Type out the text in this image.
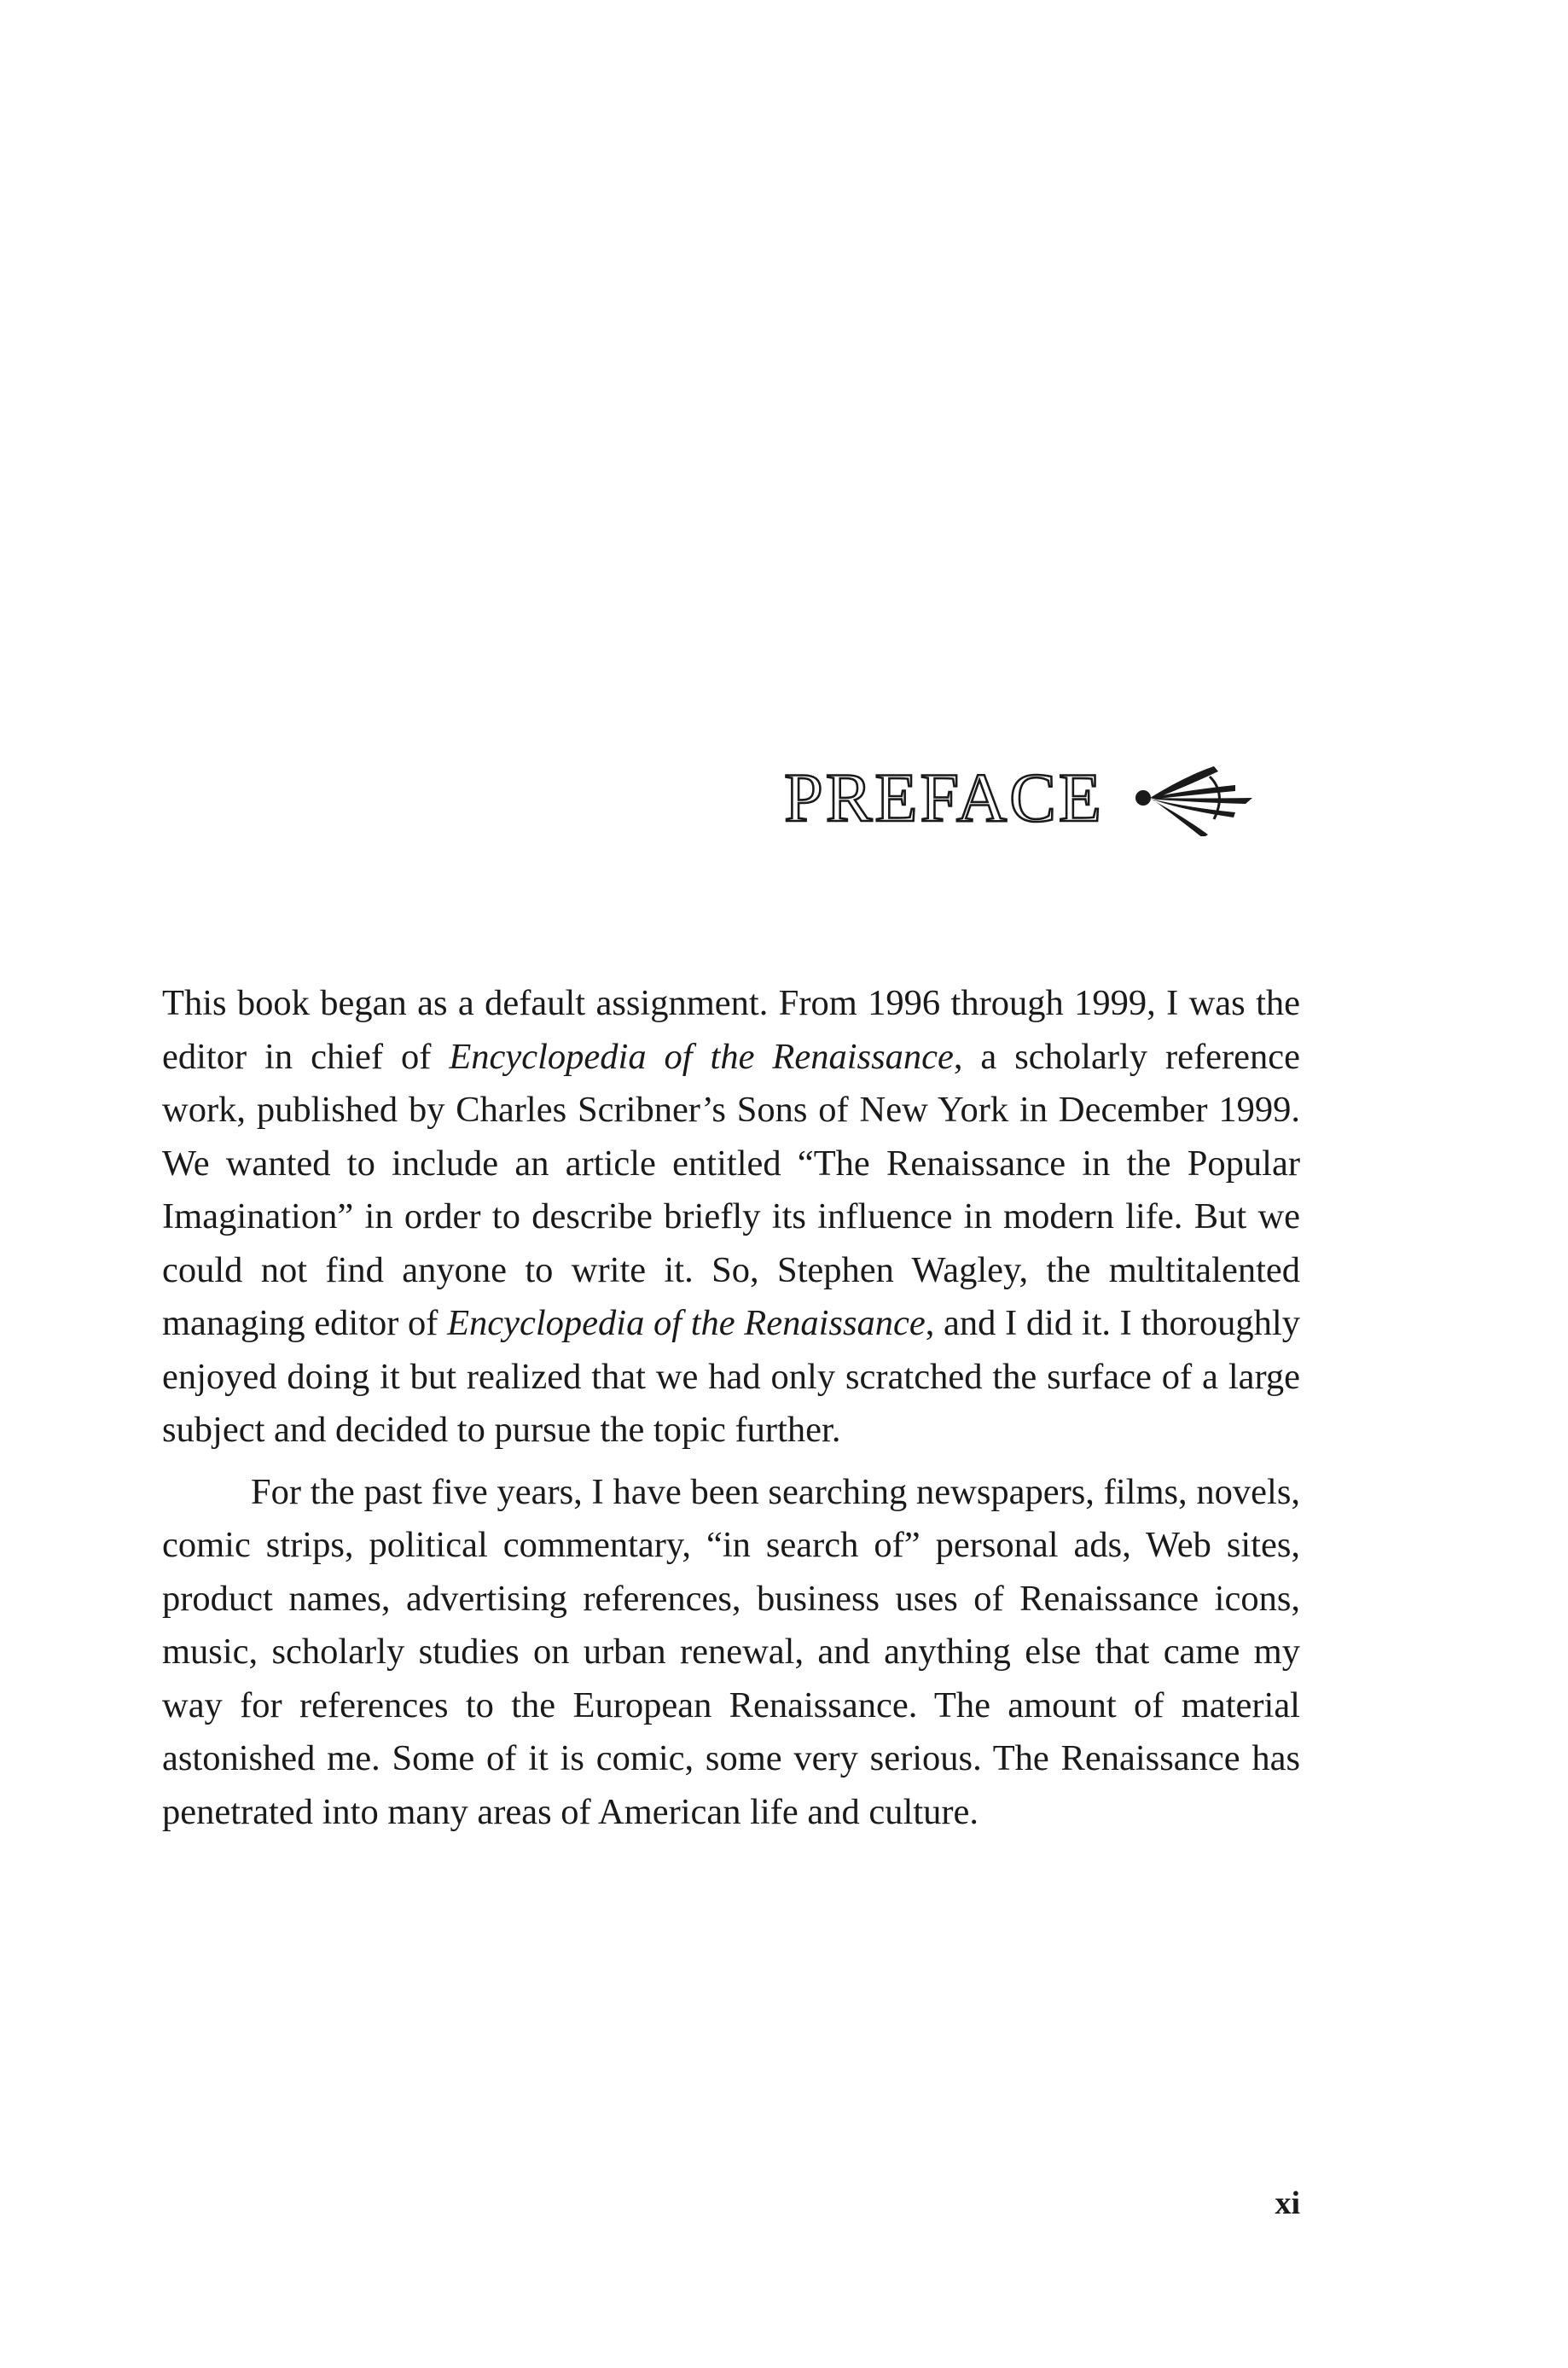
PREFACE

This book began as a default assignment. From 1996 through 1999, I was the editor in chief of Encyclopedia of the Renaissance, a scholarly reference work, published by Charles Scribner’s Sons of New York in December 1999. We wanted to include an article entitled “The Renaissance in the Popular Imagination” in order to describe briefly its influence in modern life. But we could not find anyone to write it. So, Stephen Wagley, the multitalented managing editor of Encyclopedia of the Renaissance, and I did it. I thoroughly enjoyed doing it but realized that we had only scratched the surface of a large subject and decided to pursue the topic further.

For the past five years, I have been searching newspapers, films, novels, comic strips, political commentary, “in search of” personal ads, Web sites, product names, advertising references, business uses of Renaissance icons, music, scholarly studies on urban renewal, and anything else that came my way for references to the European Renaissance. The amount of material astonished me. Some of it is comic, some very serious. The Renaissance has penetrated into many areas of American life and culture.

xi
